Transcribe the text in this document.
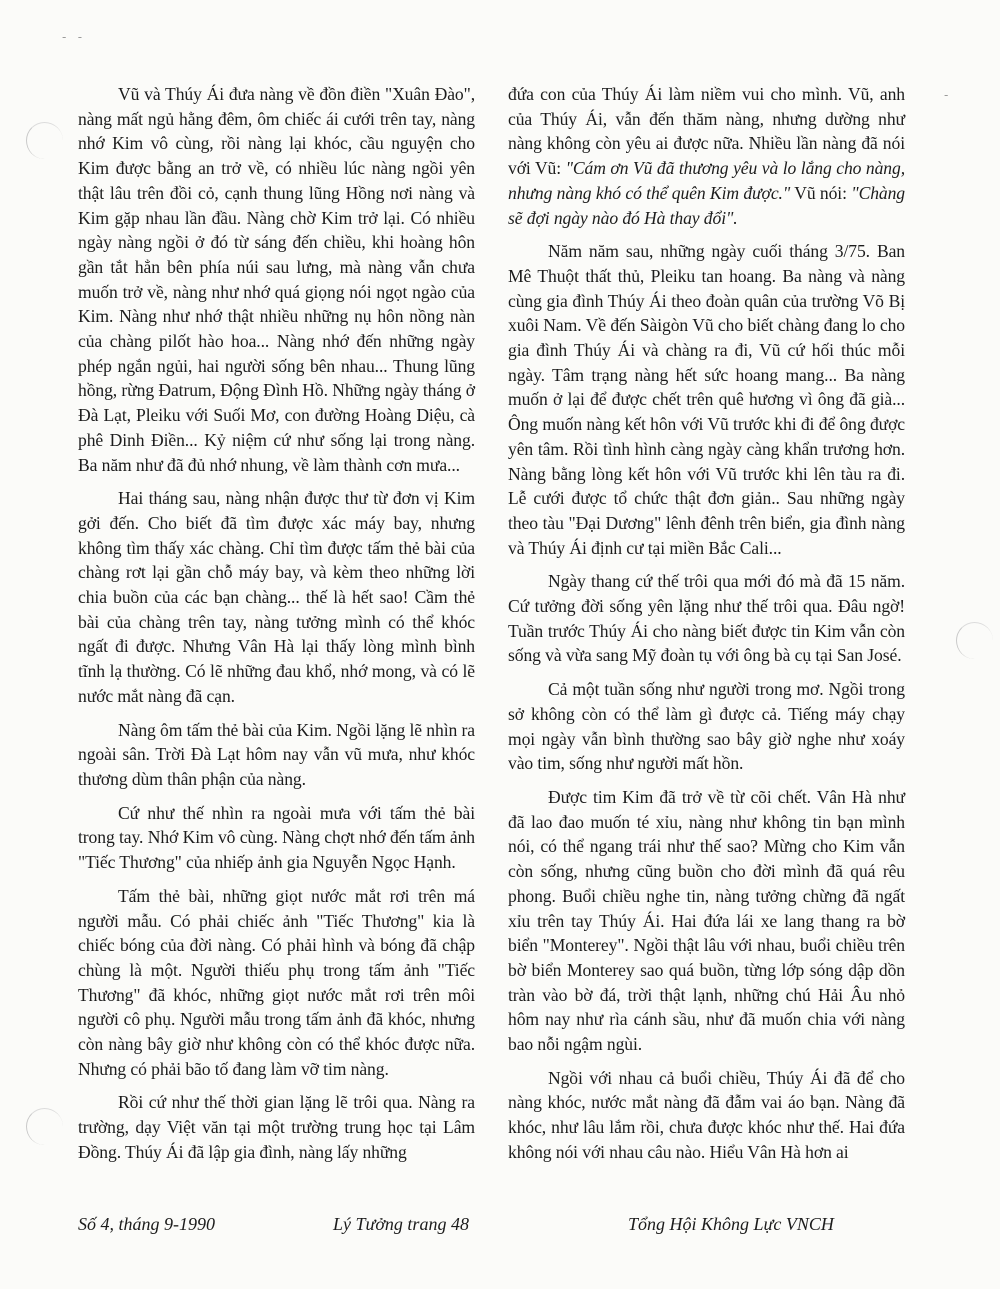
-   -
-

Vũ và Thúy Ái đưa nàng về đồn điền "Xuân Đào", nàng mất ngủ hằng đêm, ôm chiếc ái cưới trên tay, nàng nhớ Kim vô cùng, rồi nàng lại khóc, cầu nguyện cho Kim được bằng an trở về, có nhiều lúc nàng ngồi yên thật lâu trên đồi cỏ, cạnh thung lũng Hồng nơi nàng và Kim gặp nhau lần đầu. Nàng chờ Kim trở lại. Có nhiều ngày nàng ngồi ở đó từ sáng đến chiều, khi hoàng hôn gần tắt hẳn bên phía núi sau lưng, mà nàng vẫn chưa muốn trở về, nàng như nhớ quá giọng nói ngọt ngào của Kim. Nàng như nhớ thật nhiều những nụ hôn nồng nàn của chàng pilốt hào hoa... Nàng nhớ đến những ngày phép ngắn ngủi, hai người sống bên nhau... Thung lũng hồng, rừng Đatrum, Động Đình Hồ. Những ngày tháng ở Đà Lạt, Pleiku với Suối Mơ, con đường Hoàng Diệu, cà phê Dinh Điền... Kỷ niệm cứ như sống lại trong nàng. Ba năm như đã đủ nhớ nhung, về làm thành cơn mưa...

Hai tháng sau, nàng nhận được thư từ đơn vị Kim gởi đến. Cho biết đã tìm được xác máy bay, nhưng không tìm thấy xác chàng. Chỉ tìm được tấm thẻ bài của chàng rơt lại gần chỗ máy bay, và kèm theo những lời chia buồn của các bạn chàng... thế là hết sao! Cầm thẻ bài của chàng trên tay, nàng tưởng mình có thể khóc ngất đi được. Nhưng Vân Hà lại thấy lòng mình bình tĩnh lạ thường. Có lẽ những đau khổ, nhớ mong, và có lẽ nước mắt nàng đã cạn.

Nàng ôm tấm thẻ bài của Kim. Ngồi lặng lẽ nhìn ra ngoài sân. Trời Đà Lạt hôm nay vẫn vũ mưa, như khóc thương dùm thân phận của nàng.

Cứ như thế nhìn ra ngoài mưa với tấm thẻ bài trong tay. Nhớ Kim vô cùng. Nàng chợt nhớ đến tấm ảnh "Tiếc Thương" của nhiếp ảnh gia Nguyễn Ngọc Hạnh.

Tấm thẻ bài, những giọt nước mắt rơi trên má người mẫu. Có phải chiếc ảnh "Tiếc Thương" kia là chiếc bóng của đời nàng. Có phải hình và bóng đã chập chùng là một. Người thiếu phụ trong tấm ảnh "Tiếc Thương" đã khóc, những giọt nước mắt rơi trên môi người cô phụ. Người mẫu trong tấm ảnh đã khóc, nhưng còn nàng bây giờ như không còn có thể khóc được nữa. Nhưng có phải bão tố đang làm vỡ tim nàng.

Rồi cứ như thế thời gian lặng lẽ trôi qua. Nàng ra trường, dạy Việt văn tại một trường trung học tại Lâm Đồng. Thúy Ái đã lập gia đình, nàng lấy những

đứa con của Thúy Ái làm niềm vui cho mình. Vũ, anh của Thúy Ái, vẫn đến thăm nàng, nhưng dường như nàng không còn yêu ai được nữa. Nhiều lần nàng đã nói với Vũ: "Cám ơn Vũ đã thương yêu và lo lắng cho nàng, nhưng nàng khó có thể quên Kim được." Vũ nói: "Chàng sẽ đợi ngày nào đó Hà thay đổi".

Năm năm sau, những ngày cuối tháng 3/75. Ban Mê Thuột thất thủ, Pleiku tan hoang. Ba nàng và nàng cùng gia đình Thúy Ái theo đoàn quân của trường Võ Bị xuôi Nam. Về đến Sàigòn Vũ cho biết chàng đang lo cho gia đình Thúy Ái và chàng ra đi, Vũ cứ hối thúc mỗi ngày. Tâm trạng nàng hết sức hoang mang... Ba nàng muốn ở lại để được chết trên quê hương vì ông đã già... Ông muốn nàng kết hôn với Vũ trước khi đi để ông được yên tâm. Rồi tình hình càng ngày càng khẩn trương hơn. Nàng bằng lòng kết hôn với Vũ trước khi lên tàu ra đi. Lễ cưới được tổ chức thật đơn giản.. Sau những ngày theo tàu "Đại Dương" lênh đênh trên biển, gia đình nàng và Thúy Ái định cư tại miền Bắc Cali...

Ngày thang cứ thế trôi qua mới đó mà đã 15 năm. Cứ tưởng đời sống yên lặng như thế trôi qua. Đâu ngờ! Tuần trước Thúy Ái cho nàng biết được tin Kim vẫn còn sống và vừa sang Mỹ đoàn tụ với ông bà cụ tại San José.

Cả một tuần sống như người trong mơ. Ngồi trong sở không còn có thể làm gì được cả. Tiếng máy chạy mọi ngày vẫn bình thường sao bây giờ nghe như xoáy vào tim, sống như người mất hồn.

Được tim Kim đã trở về từ cõi chết. Vân Hà như đã lao đao muốn té xỉu, nàng như không tin bạn mình nói, có thể ngang trái như thế sao? Mừng cho Kim vẫn còn sống, nhưng cũng buồn cho đời mình đã quá rêu phong. Buổi chiều nghe tin, nàng tưởng chừng đã ngất xỉu trên tay Thúy Ái. Hai đứa lái xe lang thang ra bờ biển "Monterey". Ngồi thật lâu với nhau, buổi chiều trên bờ biển Monterey sao quá buồn, từng lớp sóng dập dồn tràn vào bờ đá, trời thật lạnh, những chú Hải Âu nhỏ hôm nay như rìa cánh sầu, như đã muốn chia với nàng bao nỗi ngậm ngùi.

Ngồi với nhau cả buổi chiều, Thúy Ái đã để cho nàng khóc, nước mắt nàng đã đẫm vai áo bạn. Nàng đã khóc, như lâu lắm rồi, chưa được khóc như thế. Hai đứa không nói với nhau câu nào. Hiểu Vân Hà hơn ai

Số 4, tháng 9-1990	Lý Tưởng trang 48	Tổng Hội Không Lực VNCH
